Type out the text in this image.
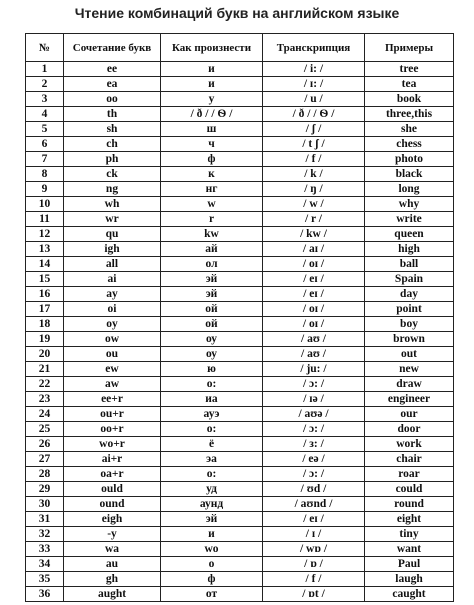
Чтение комбинаций букв на английском языке
№	Сочетание букв	Как произнести	Транскрипция	Примеры
1	ee	и	/ i: /	tree
2	ea	и	/ ɪ: /	tea
3	oo	у	/ u /	book
4	th	/ ð / / Ѳ /	/ ð / / Ѳ /	three,this
5	sh	ш	/ ʃ /	she
6	ch	ч	/ t ʃ /	chess
7	ph	ф	/ f /	photo
8	ck	к	/ k /	black
9	ng	нг	/ ŋ /	long
10	wh	w	/ w /	why
11	wr	r	/ r /	write
12	qu	kw	/ kw /	queen
13	igh	ай	/ aɪ /	high
14	all	ол	/ oɪ /	ball
15	ai	эй	/ eɪ /	Spain
16	ay	эй	/ eɪ /	day
17	oi	ой	/ oɪ /	point
18	oy	ой	/ oɪ /	boy
19	ow	оу	/ aʊ /	brown
20	ou	оу	/ aʊ /	out
21	ew	ю	/ ju: /	new
22	aw	о:	/ ɔ: /	draw
23	ee+r	иа	/ ɪə /	engineer
24	ou+r	ауэ	/ aʊə /	our
25	oo+r	о:	/ ɔ: /	door
26	wo+r	ё	/ з: /	work
27	ai+r	эа	/ eə /	chair
28	oa+r	о:	/ ɔ: /	roar
29	ould	уд	/ ʊd /	could
30	ound	аунд	/ aʊnd /	round
31	eigh	эй	/ eɪ /	eight
32	-y	и	/ ɪ /	tiny
33	wa	wo	/ wɒ /	want
34	au	о	/ ɒ /	Paul
35	gh	ф	/ f /	laugh
36	aught	от	/ ɒt /	caught
